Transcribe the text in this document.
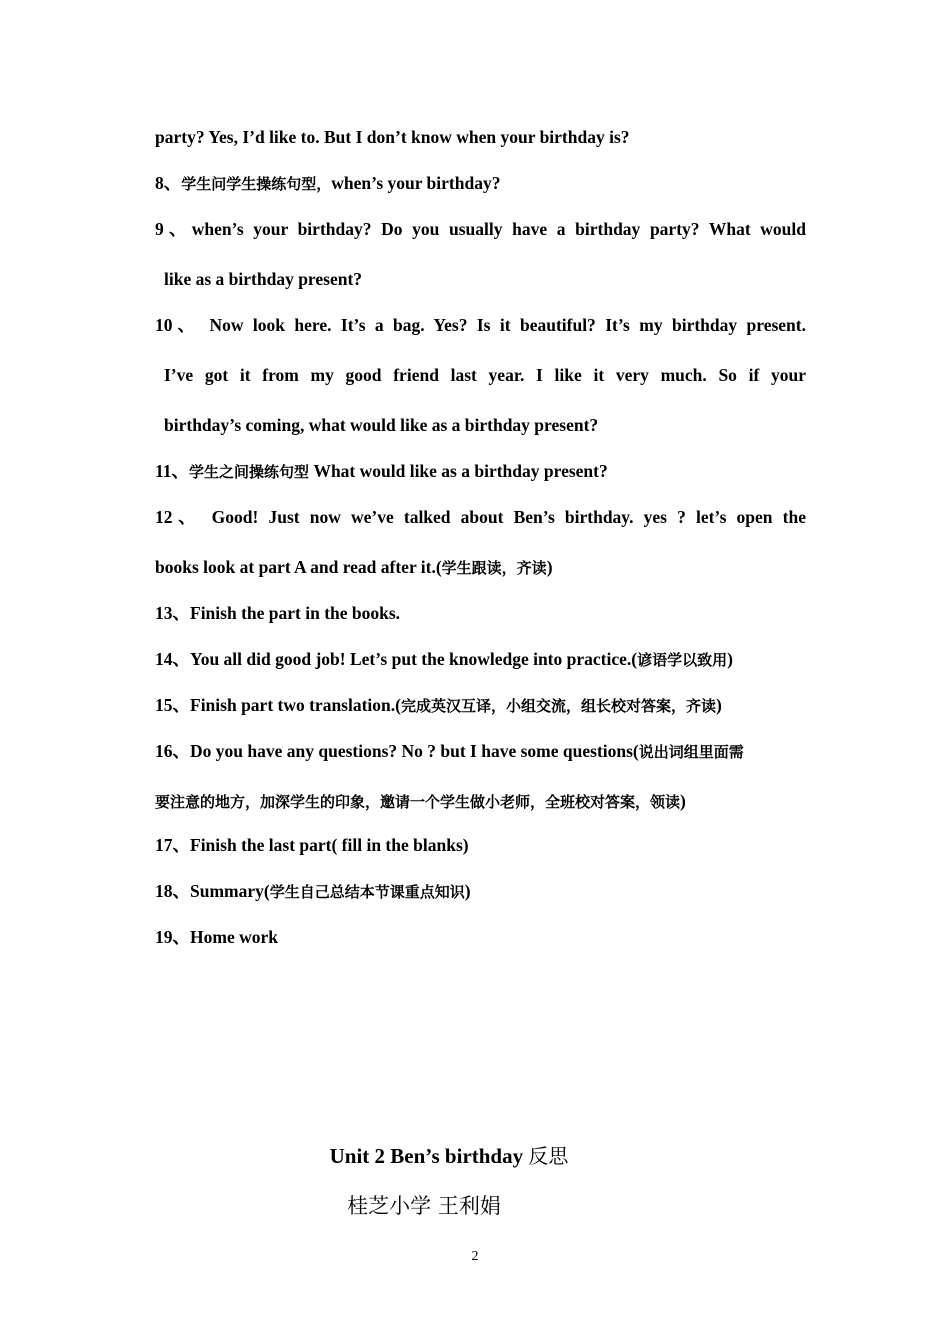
party? Yes, I’d like to. But I don’t know when your birthday is?
8、学生问学生操练句型，when’s your birthday?
9、when’s your birthday? Do you usually have a birthday party? What would
like as a birthday present?
10、 Now look here. It’s a bag. Yes? Is it beautiful? It’s my birthday present.
I’ve got it from my good friend last year. I like it very much. So if your
birthday’s coming, what would like as a birthday present?
11、学生之间操练句型 What would like as a birthday present?
12、 Good! Just now we’ve talked about Ben’s birthday. yes ? let’s open the
books look at part A and read after it.(学生跟读，齐读)
13、Finish the part in the books.
14、You all did good job! Let’s put the knowledge into practice.(谚语学以致用)
15、Finish part two translation.(完成英汉互译，小组交流，组长校对答案，齐读)
16、Do you have any questions? No ? but I have some questions(说出词组里面需
要注意的地方，加深学生的印象，邀请一个学生做小老师，全班校对答案，领读)
17、Finish the last part( fill in the blanks)
18、Summary(学生自己总结本节课重点知识)
19、Home work
Unit 2 Ben’s birthday 反思
桂芝小学 王利娟
2
